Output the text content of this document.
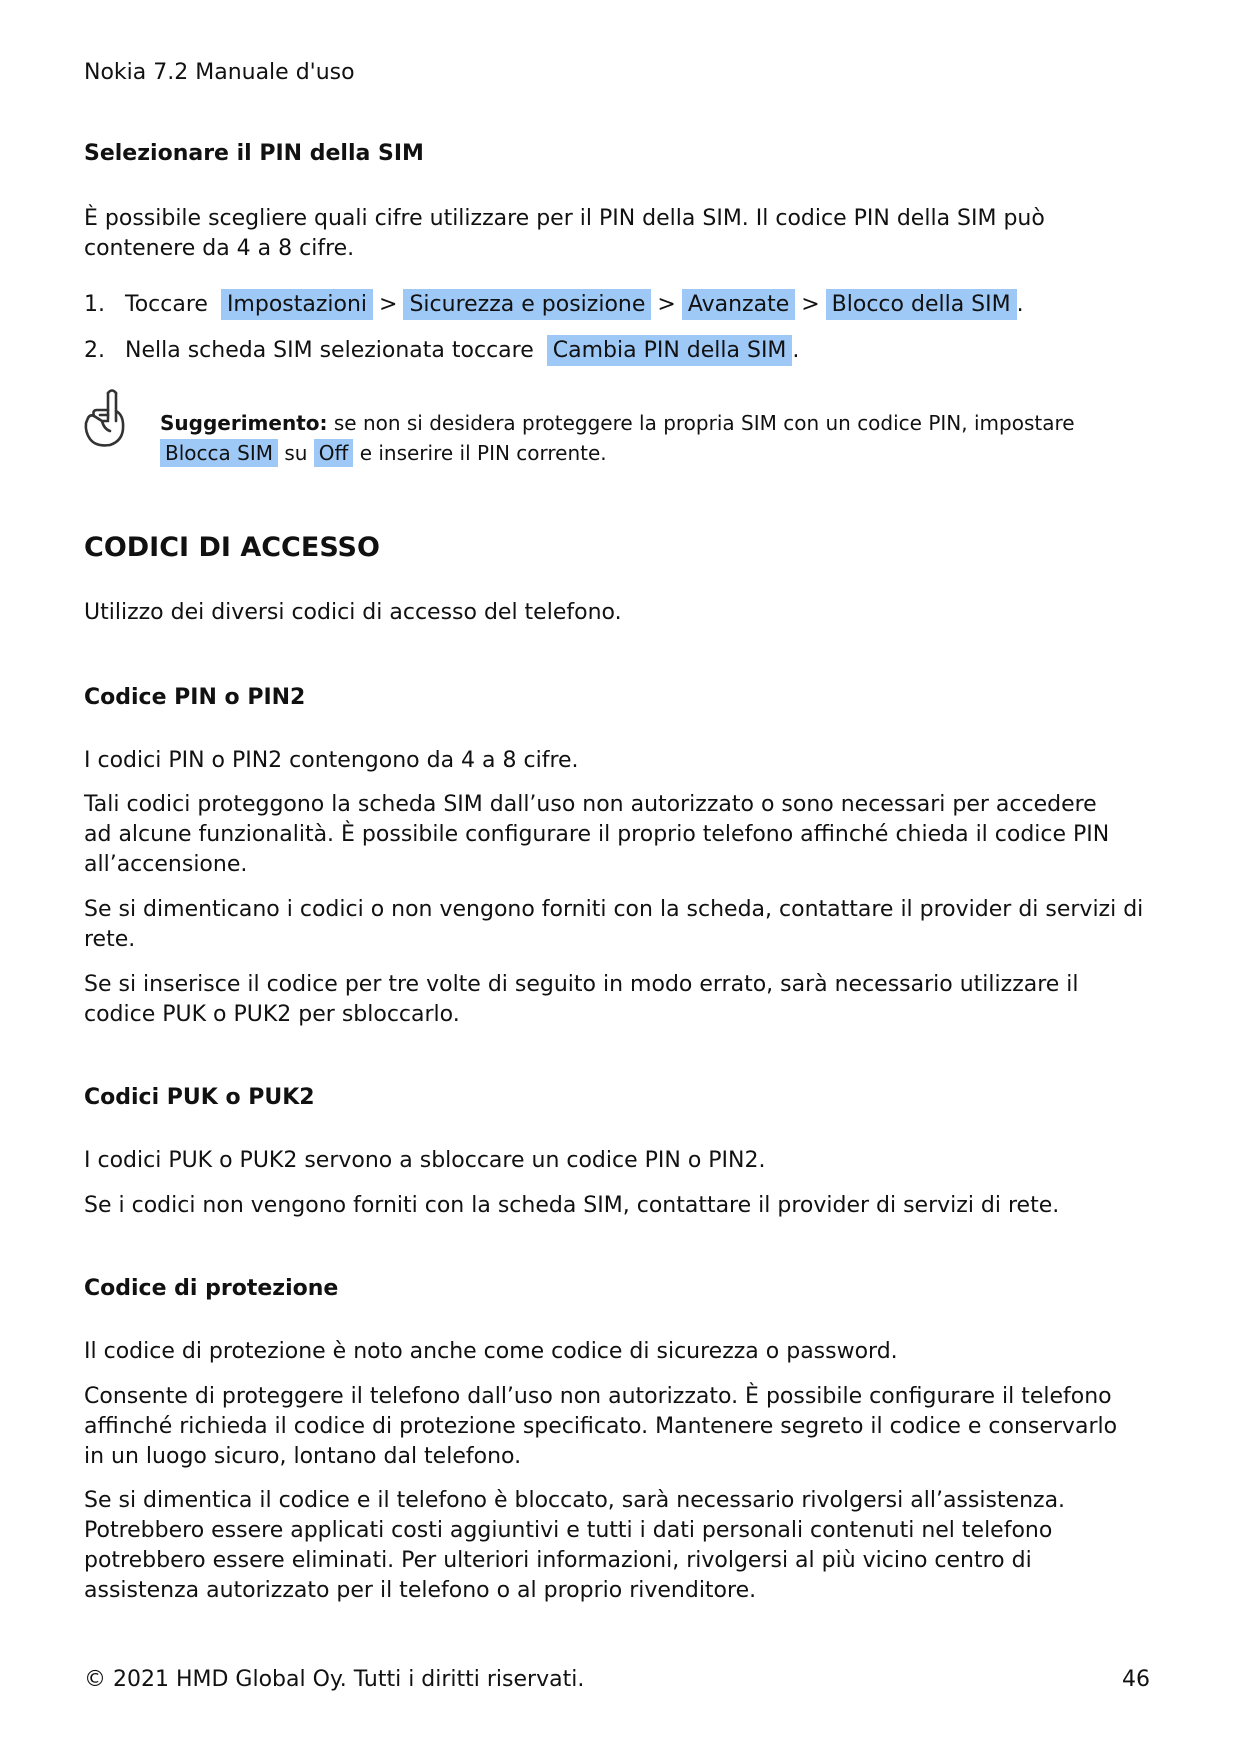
Nokia 7.2 Manuale d'uso
Selezionare il PIN della SIM
È possibile scegliere quali cifre utilizzare per il PIN della SIM. Il codice PIN della SIM può
contenere da 4 a 8 cifre.
1. Toccare Impostazioni > Sicurezza e posizione > Avanzate > Blocco della SIM .
2. Nella scheda SIM selezionata toccare Cambia PIN della SIM .
Suggerimento: se non si desidera proteggere la propria SIM con un codice PIN, impostare
Blocca SIM su Off e inserire il PIN corrente.
CODICI DI ACCESSO
Utilizzo dei diversi codici di accesso del telefono.
Codice PIN o PIN2
I codici PIN o PIN2 contengono da 4 a 8 cifre.
Tali codici proteggono la scheda SIM dall’uso non autorizzato o sono necessari per accedere
ad alcune funzionalità. È possibile configurare il proprio telefono affinché chieda il codice PIN
all’accensione.
Se si dimenticano i codici o non vengono forniti con la scheda, contattare il provider di servizi di
rete.
Se si inserisce il codice per tre volte di seguito in modo errato, sarà necessario utilizzare il
codice PUK o PUK2 per sbloccarlo.
Codici PUK o PUK2
I codici PUK o PUK2 servono a sbloccare un codice PIN o PIN2.
Se i codici non vengono forniti con la scheda SIM, contattare il provider di servizi di rete.
Codice di protezione
Il codice di protezione è noto anche come codice di sicurezza o password.
Consente di proteggere il telefono dall’uso non autorizzato. È possibile configurare il telefono
affinché richieda il codice di protezione specificato. Mantenere segreto il codice e conservarlo
in un luogo sicuro, lontano dal telefono.
Se si dimentica il codice e il telefono è bloccato, sarà necessario rivolgersi all’assistenza.
Potrebbero essere applicati costi aggiuntivi e tutti i dati personali contenuti nel telefono
potrebbero essere eliminati. Per ulteriori informazioni, rivolgersi al più vicino centro di
assistenza autorizzato per il telefono o al proprio rivenditore.
© 2021 HMD Global Oy. Tutti i diritti riservati.	46
